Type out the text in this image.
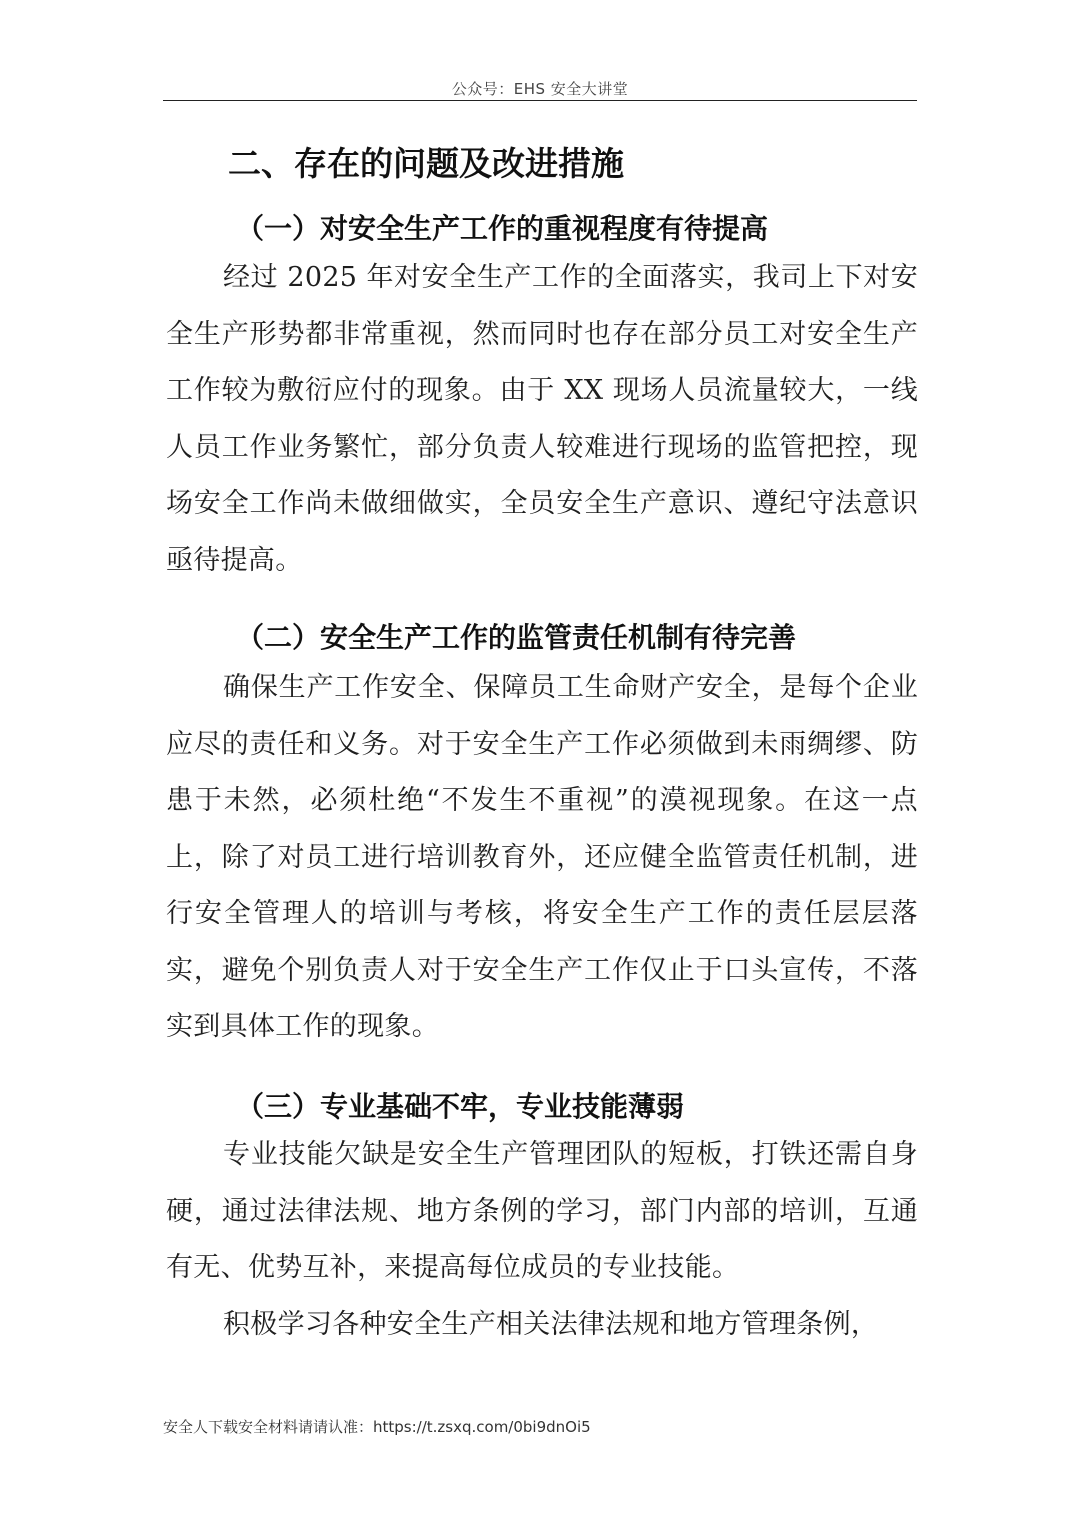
公众号：EHS 安全大讲堂
二、存在的问题及改进措施
（一）对安全生产工作的重视程度有待提高

经过 2025 年对安全生产工作的全面落实，我司上下对安全生产形势都非常重视，然而同时也存在部分员工对安全生产工作较为敷衍应付的现象。由于 XX 现场人员流量较大，一线人员工作业务繁忙，部分负责人较难进行现场的监管把控，现场安全工作尚未做细做实，全员安全生产意识、遵纪守法意识亟待提高。

（二）安全生产工作的监管责任机制有待完善

确保生产工作安全、保障员工生命财产安全，是每个企业应尽的责任和义务。对于安全生产工作必须做到未雨绸缪、防患于未然，必须杜绝“不发生不重视”的漠视现象。在这一点上，除了对员工进行培训教育外，还应健全监管责任机制，进行安全管理人的培训与考核，将安全生产工作的责任层层落实，避免个别负责人对于安全生产工作仅止于口头宣传，不落实到具体工作的现象。

（三）专业基础不牢，专业技能薄弱

专业技能欠缺是安全生产管理团队的短板，打铁还需自身硬，通过法律法规、地方条例的学习，部门内部的培训，互通有无、优势互补，来提高每位成员的专业技能。

积极学习各种安全生产相关法律法规和地方管理条例，

安全人下载安全材料请请认准：https://t.zsxq.com/0bi9dnOi5
